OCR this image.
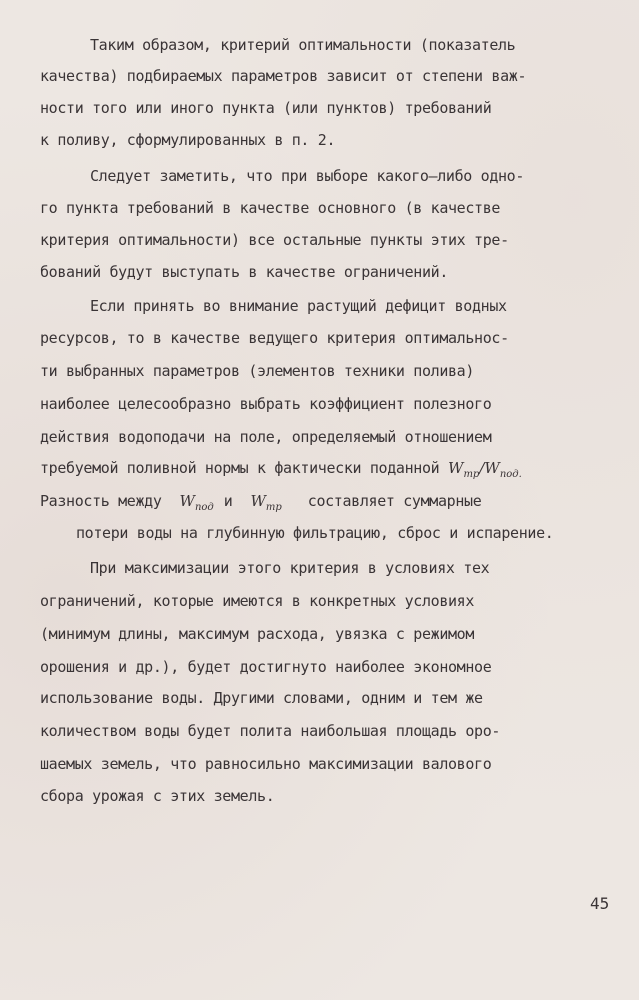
Таким образом, критерий оптимальности (показатель
качества) подбираемых параметров зависит от степени важ-
ности того или иного пункта (или пунктов) требований
к поливу, сформулированных в п. 2.
Следует заметить, что при выборе какого–либо одно-
го пункта требований в качестве основного (в качестве
критерия оптимальности) все остальные пункты этих тре-
бований будут выступать в качестве ограничений.
Если принять во внимание растущий дефицит водных
ресурсов, то в качестве ведущего критерия оптимальнос-
ти выбранных параметров (элементов техники полива)
наиболее целесообразно выбрать коэффициент полезного
действия водоподачи на поле, определяемый отношением
требуемой поливной нормы к фактически поданной $W_{тр}/W_{под.}$
Разность между $W_{под}$ и $W_{тр}$ составляет суммарные
потери воды на глубинную фильтрацию, сброс и испарение.
При максимизации этого критерия в условиях тех
ограничений, которые имеются в конкретных условиях
(минимум длины, максимум расхода, увязка с режимом
орошения и др.), будет достигнуто наиболее экономное
использование воды. Другими словами, одним и тем же
количеством воды будет полита наибольшая площадь оро-
шаемых земель, что равносильно максимизации валового
сбора урожая с этих земель.
45
